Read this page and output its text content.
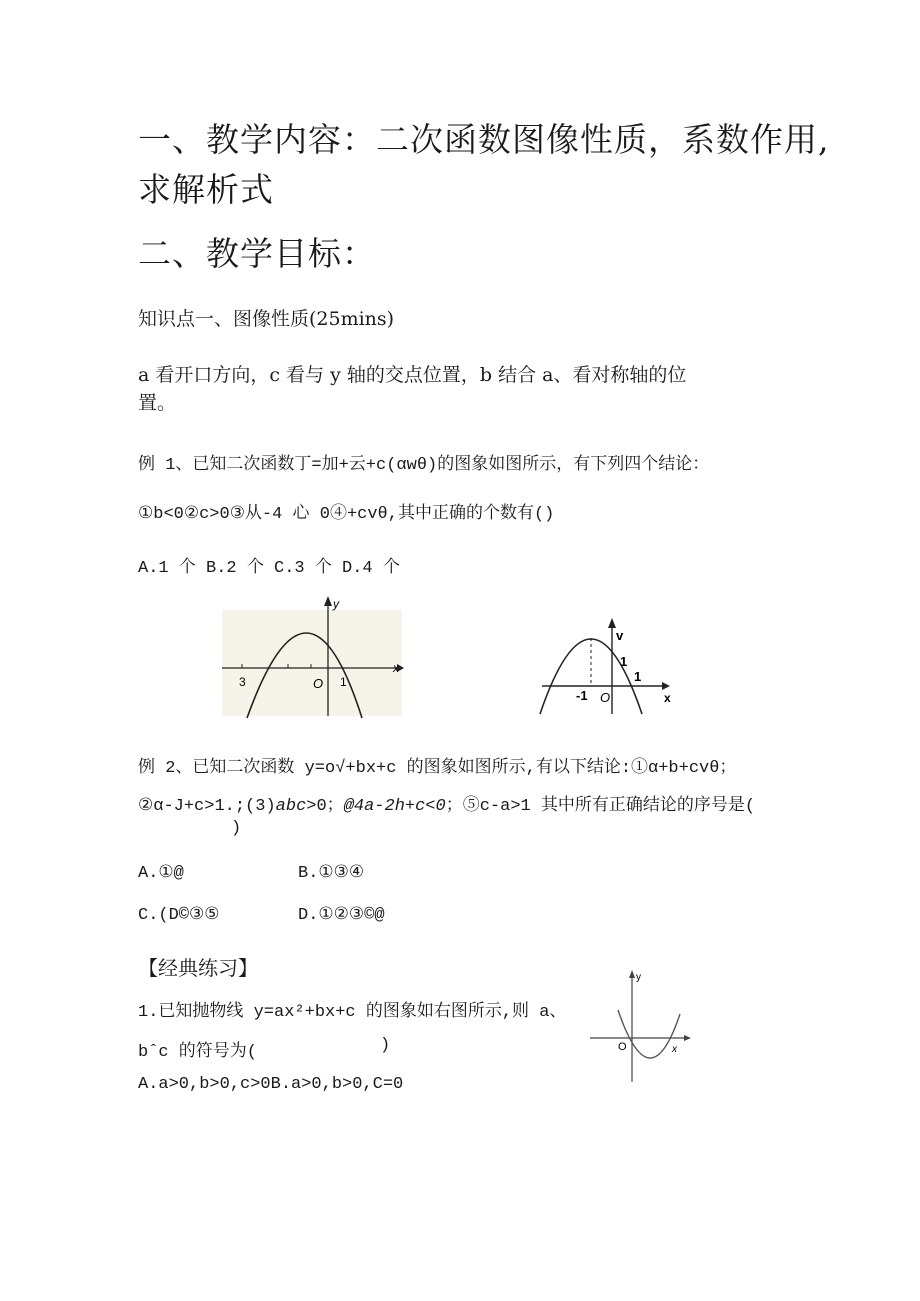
一、教学内容：二次函数图像性质，系数作用,
求解析式
二、教学目标：
知识点一、图像性质(25mins)
a 看开口方向，c 看与 y 轴的交点位置，b 结合 a、看对称轴的位
置。
例 1、已知二次函数丁=加+云+c(αwθ)的图象如图所示，有下列四个结论：
①b<0②c>0③从-4 心 0④+cvθ,其中正确的个数有()
A.1 个 B.2 个 C.3 个 D.4 个
3	O 1
x
y
v
x
-1 O
1
1
例 2、已知二次函数 y=o√+bx+c 的图象如图所示,有以下结论:①α+b+cvθ；
②α-J+c>1.;(3)abc>0；@4a-2h+c<0；⑤c-a>1 其中所有正确结论的序号是(
)
A.①@	B.①③④
C.(D©③⑤	D.①②③©@
【经典练习】
1.已知抛物线 y=ax²+bx+c 的图象如右图所示,则 a、
bˆc 的符号为(	)
A.a>0,b>0,c>0B.a>0,b>0,C=0
y
x
O
